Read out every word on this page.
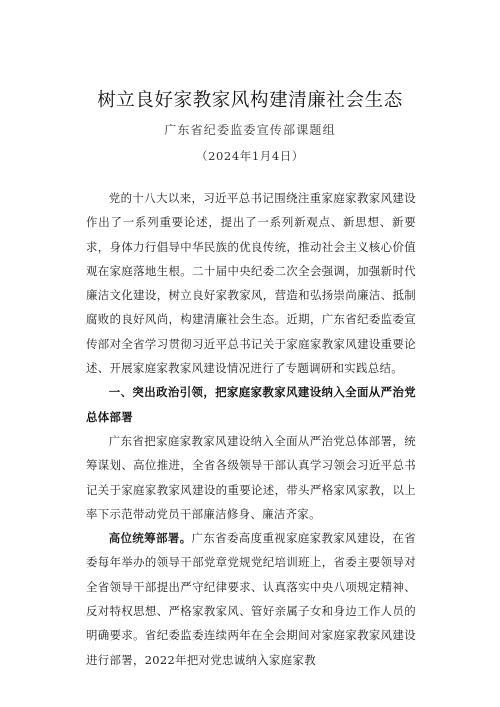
树立良好家教家风构建清廉社会生态
广东省纪委监委宣传部课题组
（2024年1月4日）

党的十八大以来，习近平总书记围绕注重家庭家教家风建设作出了一系列重要论述，提出了一系列新观点、新思想、新要求，身体力行倡导中华民族的优良传统，推动社会主义核心价值观在家庭落地生根。二十届中央纪委二次全会强调，加强新时代廉洁文化建设，树立良好家教家风，营造和弘扬崇尚廉洁、抵制腐败的良好风尚，构建清廉社会生态。近期，广东省纪委监委宣传部对全省学习贯彻习近平总书记关于家庭家教家风建设重要论述、开展家庭家教家风建设情况进行了专题调研和实践总结。

一、突出政治引领，把家庭家教家风建设纳入全面从严治党总体部署

广东省把家庭家教家风建设纳入全面从严治党总体部署，统筹谋划、高位推进，全省各级领导干部认真学习领会习近平总书记关于家庭家教家风建设的重要论述，带头严格家风家教，以上率下示范带动党员干部廉洁修身、廉洁齐家。

高位统筹部署。广东省委高度重视家庭家教家风建设，在省委每年举办的领导干部党章党规党纪培训班上，省委主要领导对全省领导干部提出严守纪律要求、认真落实中央八项规定精神、反对特权思想、严格家教家风、管好亲属子女和身边工作人员的明确要求。省纪委监委连续两年在全会期间对家庭家教家风建设进行部署，2022年把对党忠诚纳入家庭家教
